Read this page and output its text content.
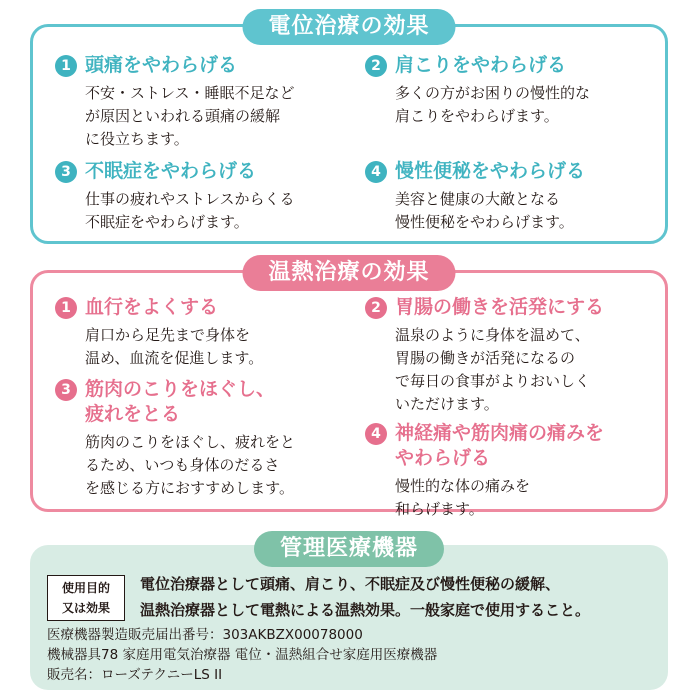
電位治療の効果
1 頭痛をやわらげる
不安・ストレス・睡眠不足など
が原因といわれる頭痛の緩解
に役立ちます。
2 肩こりをやわらげる
多くの方がお困りの慢性的な
肩こりをやわらげます。
3 不眠症をやわらげる
仕事の疲れやストレスからくる
不眠症をやわらげます。
4 慢性便秘をやわらげる
美容と健康の大敵となる
慢性便秘をやわらげます。
温熱治療の効果
1 血行をよくする
肩口から足先まで身体を
温め、血流を促進します。
2 胃腸の働きを活発にする
温泉のように身体を温めて、
胃腸の働きが活発になるの
で毎日の食事がよりおいしく
いただけます。
3 筋肉のこりをほぐし、
疲れをとる
筋肉のこりをほぐし、疲れをと
るため、いつも身体のだるさ
を感じる方におすすめします。
4 神経痛や筋肉痛の痛みを
やわらげる
慢性的な体の痛みを
和らげます。
管理医療機器
使用目的
又は効果
電位治療器として頭痛、肩こり、不眠症及び慢性便秘の緩解、
温熱治療器として電熱による温熱効果。一般家庭で使用すること。
医療機器製造販売届出番号：303AKBZX00078000
機械器具78 家庭用電気治療器 電位・温熱組合せ家庭用医療機器
販売名：ローズテクニーLS II
